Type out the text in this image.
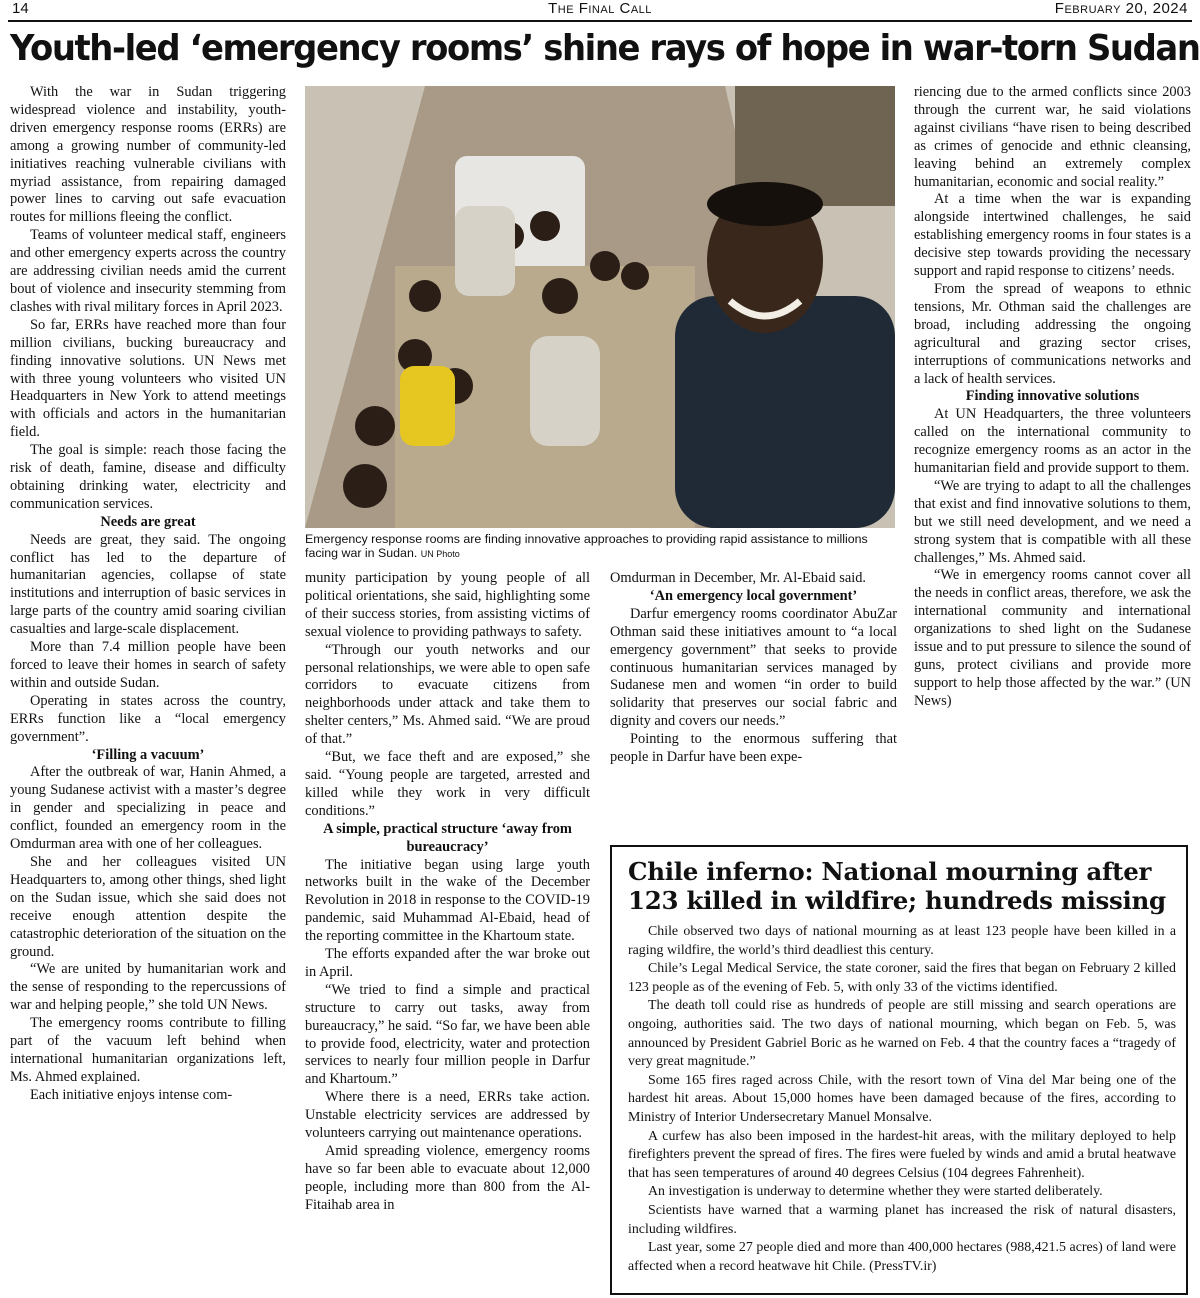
14	The Final Call	February 20, 2024
Youth-led ‘emergency rooms’ shine rays of hope in war-torn Sudan

With the war in Sudan triggering widespread violence and instability, youth-driven emergency response rooms (ERRs) are among a growing number of community-led initiatives reaching vulnerable civilians with myriad assistance, from repairing damaged power lines to carving out safe evacuation routes for millions fleeing the conflict.

Teams of volunteer medical staff, engineers and other emergency experts across the country are addressing civilian needs amid the current bout of violence and insecurity stemming from clashes with rival military forces in April 2023.

So far, ERRs have reached more than four million civilians, bucking bureaucracy and finding innovative solutions. UN News met with three young volunteers who visited UN Headquarters in New York to attend meetings with officials and actors in the humanitarian field.

The goal is simple: reach those facing the risk of death, famine, disease and difficulty obtaining drinking water, electricity and communication services.

Needs are great

Needs are great, they said. The ongoing conflict has led to the departure of humanitarian agencies, collapse of state institutions and interruption of basic services in large parts of the country amid soaring civilian casualties and large-scale displacement.

More than 7.4 million people have been forced to leave their homes in search of safety within and outside Sudan.

Operating in states across the country, ERRs function like a “local emergency government”.

‘Filling a vacuum’

After the outbreak of war, Hanin Ahmed, a young Sudanese activist with a master’s degree in gender and specializing in peace and conflict, founded an emergency room in the Omdurman area with one of her colleagues.

She and her colleagues visited UN Headquarters to, among other things, shed light on the Sudan issue, which she said does not receive enough attention despite the catastrophic deterioration of the situation on the ground.

“We are united by humanitarian work and the sense of responding to the repercussions of war and helping people,” she told UN News.

The emergency rooms contribute to filling part of the vacuum left behind when international humanitarian organizations left, Ms. Ahmed explained.

Each initiative enjoys intense com-

Emergency response rooms are finding innovative approaches to providing rapid assistance to millions facing war in Sudan. UN Photo

munity participation by young people of all political orientations, she said, highlighting some of their success stories, from assisting victims of sexual violence to providing pathways to safety.

“Through our youth networks and our personal relationships, we were able to open safe corridors to evacuate citizens from neighborhoods under attack and take them to shelter centers,” Ms. Ahmed said. “We are proud of that.”

“But, we face theft and are exposed,” she said. “Young people are targeted, arrested and killed while they work in very difficult conditions.”

A simple, practical structure ‘away from bureaucracy’

The initiative began using large youth networks built in the wake of the December Revolution in 2018 in response to the COVID-19 pandemic, said Muhammad Al-Ebaid, head of the reporting committee in the Khartoum state.

The efforts expanded after the war broke out in April.

“We tried to find a simple and practical structure to carry out tasks, away from bureaucracy,” he said. “So far, we have been able to provide food, electricity, water and protection services to nearly four million people in Darfur and Khartoum.”

Where there is a need, ERRs take action. Unstable electricity services are addressed by volunteers carrying out maintenance operations.

Amid spreading violence, emergency rooms have so far been able to evacuate about 12,000 people, including more than 800 from the Al-Fitaihab area in

Omdurman in December, Mr. Al-Ebaid said.

‘An emergency local government’

Darfur emergency rooms coordinator AbuZar Othman said these initiatives amount to “a local emergency government” that seeks to provide continuous humanitarian services managed by Sudanese men and women “in order to build solidarity that preserves our social fabric and dignity and covers our needs.”

Pointing to the enormous suffering that people in Darfur have been expe-

riencing due to the armed conflicts since 2003 through the current war, he said violations against civilians “have risen to being described as crimes of genocide and ethnic cleansing, leaving behind an extremely complex humanitarian, economic and social reality.”

At a time when the war is expanding alongside intertwined challenges, he said establishing emergency rooms in four states is a decisive step towards providing the necessary support and rapid response to citizens’ needs.

From the spread of weapons to ethnic tensions, Mr. Othman said the challenges are broad, including addressing the ongoing agricultural and grazing sector crises, interruptions of communications networks and a lack of health services.

Finding innovative solutions

At UN Headquarters, the three volunteers called on the international community to recognize emergency rooms as an actor in the humanitarian field and provide support to them.

“We are trying to adapt to all the challenges that exist and find innovative solutions to them, but we still need development, and we need a strong system that is compatible with all these challenges,” Ms. Ahmed said.

“We in emergency rooms cannot cover all the needs in conflict areas, therefore, we ask the international community and international organizations to shed light on the Sudanese issue and to put pressure to silence the sound of guns, protect civilians and provide more support to help those affected by the war.” (UN News)

Chile inferno: National mourning after 123 killed in wildfire; hundreds missing

Chile observed two days of national mourning as at least 123 people have been killed in a raging wildfire, the world’s third deadliest this century.

Chile’s Legal Medical Service, the state coroner, said the fires that began on February 2 killed 123 people as of the evening of Feb. 5, with only 33 of the victims identified.

The death toll could rise as hundreds of people are still missing and search operations are ongoing, authorities said. The two days of national mourning, which began on Feb. 5, was announced by President Gabriel Boric as he warned on Feb. 4 that the country faces a “tragedy of very great magnitude.”

Some 165 fires raged across Chile, with the resort town of Vina del Mar being one of the hardest hit areas. About 15,000 homes have been damaged because of the fires, according to Ministry of Interior Undersecretary Manuel Monsalve.

A curfew has also been imposed in the hardest-hit areas, with the military deployed to help firefighters prevent the spread of fires. The fires were fueled by winds and amid a brutal heatwave that has seen temperatures of around 40 degrees Celsius (104 degrees Fahrenheit).

An investigation is underway to determine whether they were started deliberately.

Scientists have warned that a warming planet has increased the risk of natural disasters, including wildfires.

Last year, some 27 people died and more than 400,000 hectares (988,421.5 acres) of land were affected when a record heatwave hit Chile. (PressTV.ir)
